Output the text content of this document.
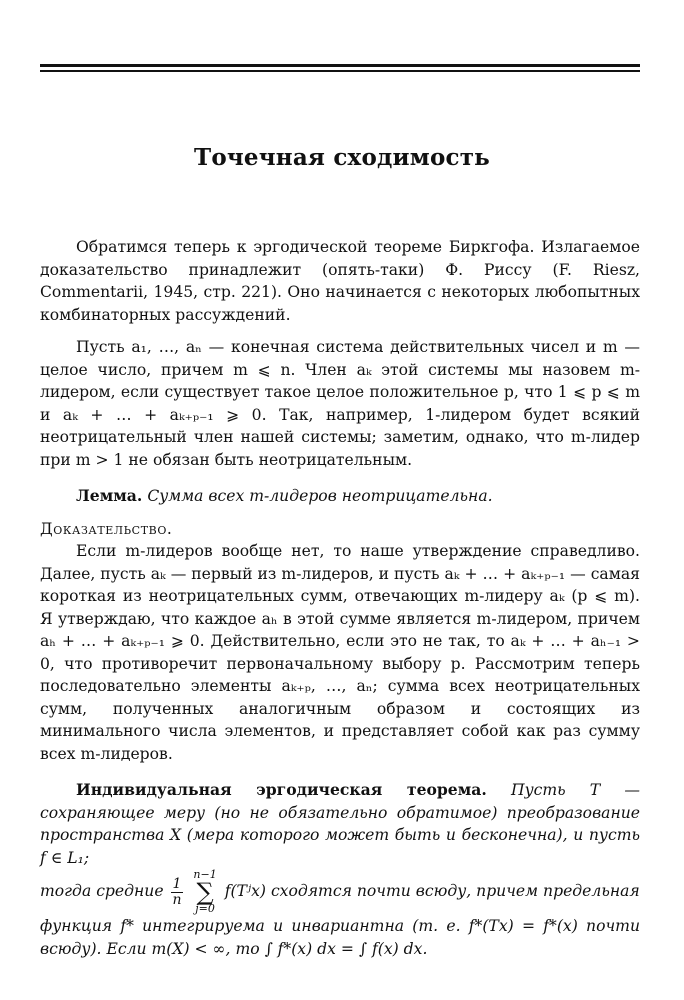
Точечная сходимость

Обратимся теперь к эргодической теореме Биркгофа. Излагаемое доказательство принадлежит (опять-таки) Ф. Риссу (F. Riesz, Commentarii, 1945, стр. 221). Оно начинается с некоторых любопытных комбинаторных рассуждений.

Пусть a₁, …, aₙ — конечная система действительных чисел и m — целое число, причем m ⩽ n. Член aₖ этой системы мы назовем m-лидером, если существует такое целое положительное p, что 1 ⩽ p ⩽ m и aₖ + … + aₖ₊ₚ₋₁ ⩾ 0. Так, например, 1-лидером будет всякий неотрицательный член нашей системы; заметим, однако, что m-лидер при m > 1 не обязан быть неотрицательным.

Лемма. Сумма всех m-лидеров неотрицательна.

Доказательство.

Если m-лидеров вообще нет, то наше утверждение справедливо. Далее, пусть aₖ — первый из m-лидеров, и пусть aₖ + … + aₖ₊ₚ₋₁ — самая короткая из неотрицательных сумм, отвечающих m-лидеру aₖ (p ⩽ m). Я утверждаю, что каждое aₕ в этой сумме является m-лидером, причем aₕ + … + aₖ₊ₚ₋₁ ⩾ 0. Действительно, если это не так, то aₖ + … + aₕ₋₁ > 0, что противоречит первоначальному выбору p. Рассмотрим теперь последовательно элементы aₖ₊ₚ, …, aₙ; сумма всех неотрицательных сумм, полученных аналогичным образом и состоящих из минимального числа элементов, и представляет собой как раз сумму всех m-лидеров.

Индивидуальная эргодическая теорема. Пусть T — сохраняющее меру (но не обязательно обратимое) преобразование пространства X (мера которого может быть и бесконечна), и пусть f ∈ L₁;

тогда средние $\frac{1}{n}$

n−1
∑
j=0
f(Tʲx) сходятся почти всюду, причем предельная

функция f* интегрируема и инвариантна (т. е. f*(Tx) = f*(x) почти всюду). Если m(X) < ∞, то ∫ f*(x) dx = ∫ f(x) dx.
